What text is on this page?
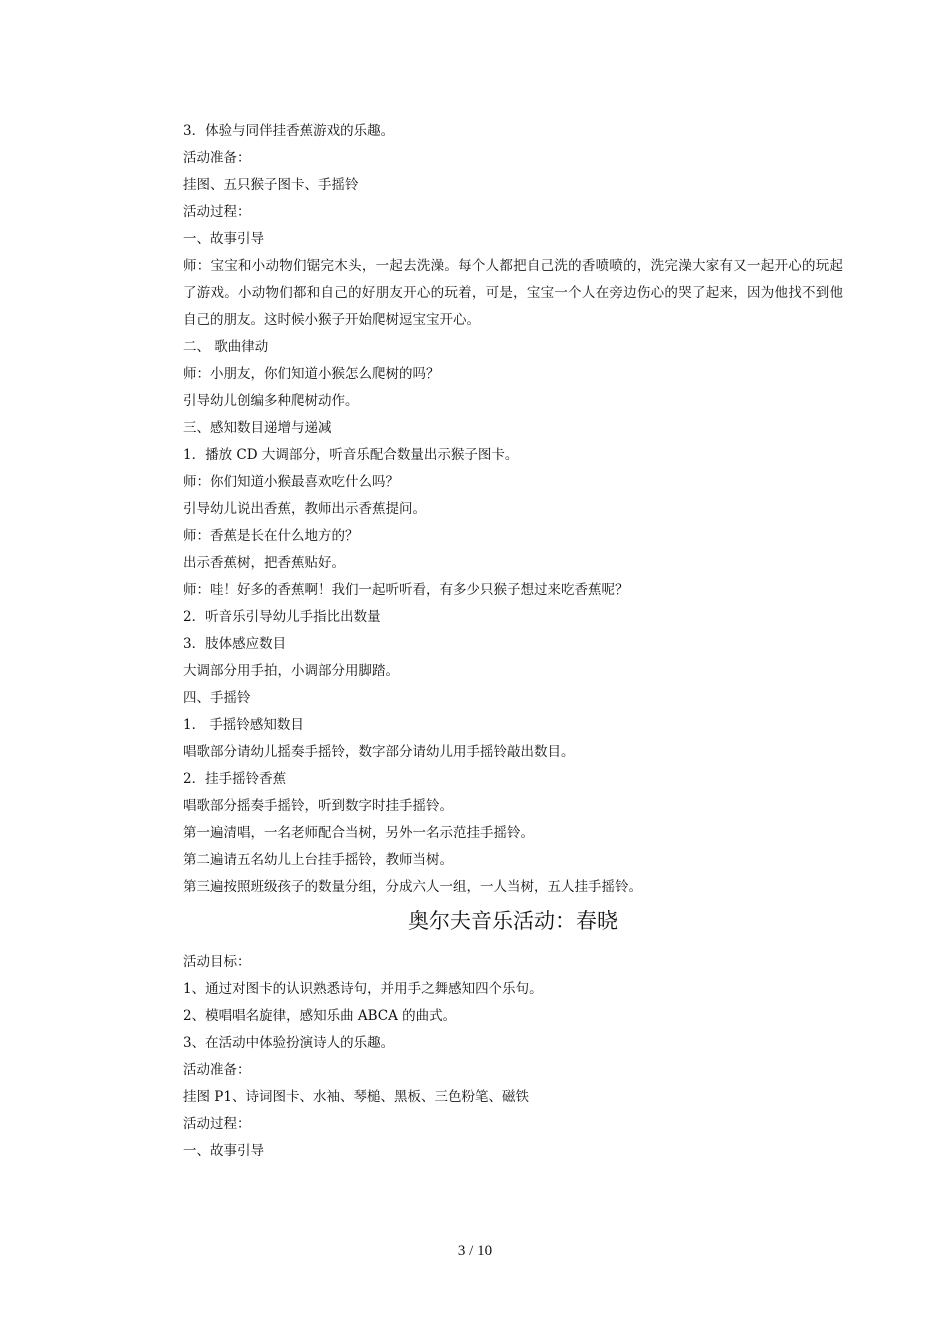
3．体验与同伴挂香蕉游戏的乐趣。
活动准备：
挂图、五只猴子图卡、手摇铃
活动过程：
一、故事引导
师：宝宝和小动物们锯完木头，一起去洗澡。每个人都把自己洗的香喷喷的，洗完澡大家有又一起开心的玩起了游戏。小动物们都和自己的好朋友开心的玩着，可是，宝宝一个人在旁边伤心的哭了起来，因为他找不到他自己的朋友。这时候小猴子开始爬树逗宝宝开心。
二、 歌曲律动
师：小朋友，你们知道小猴怎么爬树的吗？
引导幼儿创编多种爬树动作。
三、感知数目递增与递减
1．播放 CD 大调部分，听音乐配合数量出示猴子图卡。
师：你们知道小猴最喜欢吃什么吗？
引导幼儿说出香蕉，教师出示香蕉提问。
师：香蕉是长在什么地方的？
出示香蕉树，把香蕉贴好。
师：哇！好多的香蕉啊！我们一起听听看，有多少只猴子想过来吃香蕉呢？
2．听音乐引导幼儿手指比出数量
3．肢体感应数目
大调部分用手拍，小调部分用脚踏。
四、手摇铃
1． 手摇铃感知数目
唱歌部分请幼儿摇奏手摇铃，数字部分请幼儿用手摇铃敲出数目。
2．挂手摇铃香蕉
唱歌部分摇奏手摇铃，听到数字时挂手摇铃。
第一遍清唱，一名老师配合当树，另外一名示范挂手摇铃。
第二遍请五名幼儿上台挂手摇铃，教师当树。
第三遍按照班级孩子的数量分组，分成六人一组，一人当树，五人挂手摇铃。
奥尔夫音乐活动：春晓
活动目标：
1、通过对图卡的认识熟悉诗句，并用手之舞感知四个乐句。
2、模唱唱名旋律，感知乐曲 ABCA 的曲式。
3、在活动中体验扮演诗人的乐趣。
活动准备：
挂图 P1、诗词图卡、水袖、琴槌、黑板、三色粉笔、磁铁
活动过程：
一、故事引导
3 / 10
